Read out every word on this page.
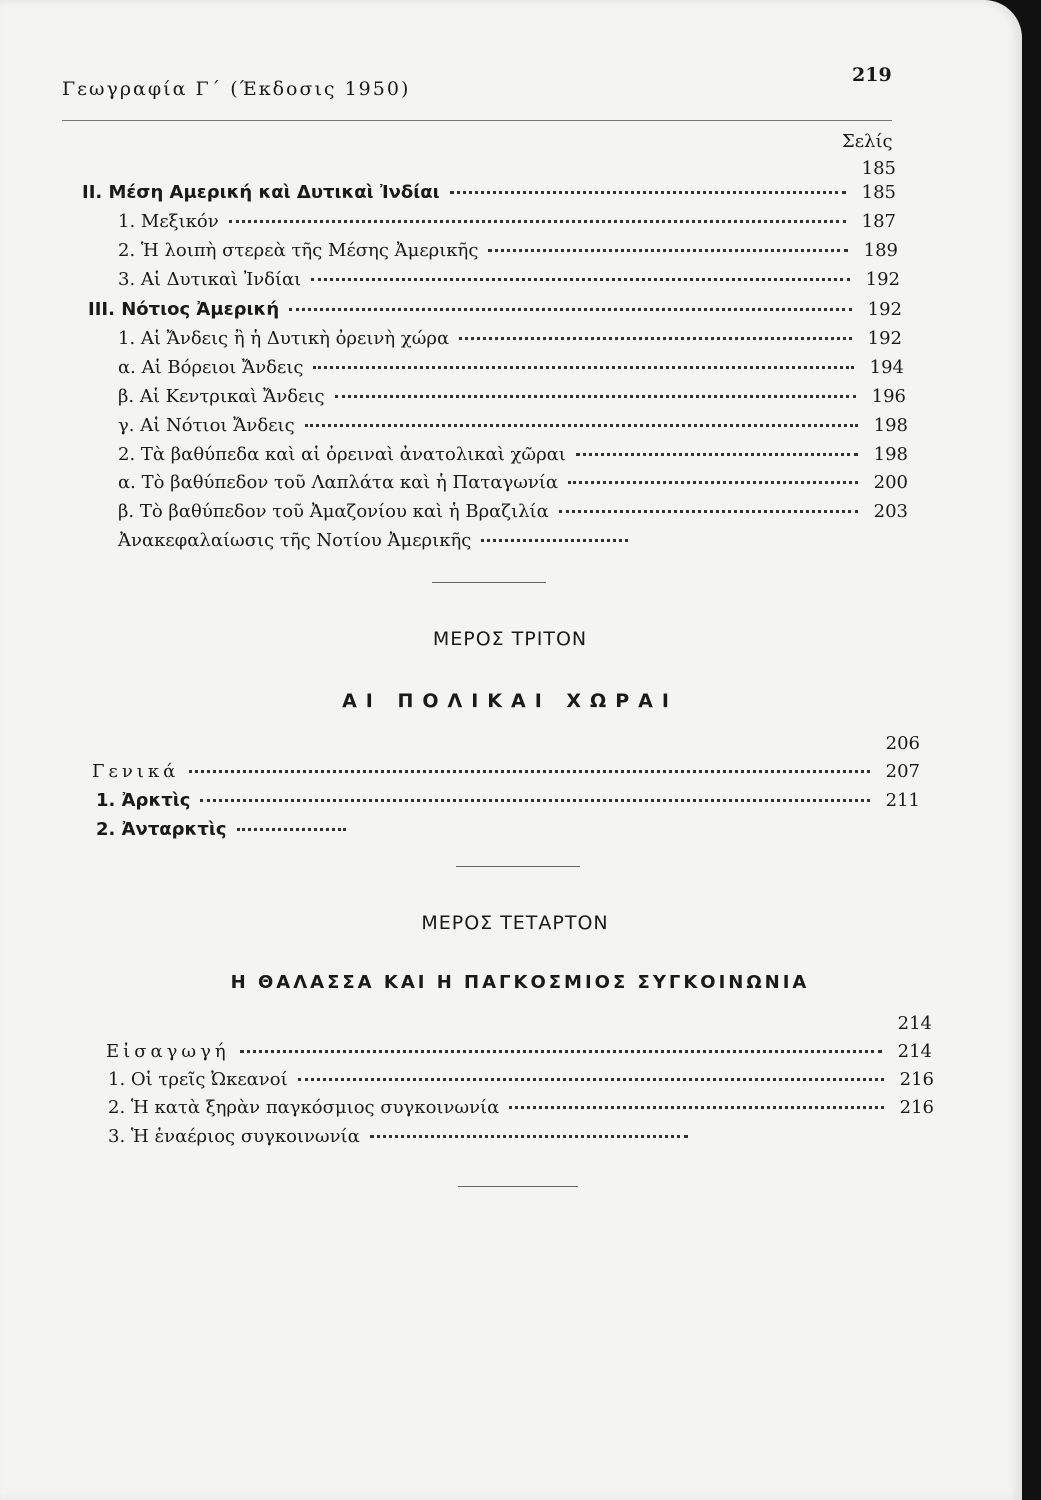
Γεωγραφία Γ΄ (Έκδοσις 1950)
219
Σελίς
185
ΙΙ. Μέση Αμερική καὶ Δυτικαὶ Ἰνδίαι	185
1. Μεξικόν	187
2. Ἡ λοιπὴ στερεὰ τῆς Μέσης Ἀμερικῆς	189
3. Αἱ Δυτικαὶ Ἰνδίαι	192
ΙΙΙ. Νότιος Ἀμερική	192
1. Αἱ Ἄνδεις ἢ ἡ Δυτικὴ ὀρεινὴ χώρα	192
α. Αἱ Βόρειοι Ἄνδεις	194
β. Αἱ Κεντρικαὶ Ἄνδεις	196
γ. Αἱ Νότιοι Ἄνδεις	198
2. Τὰ βαθύπεδα καὶ αἱ ὀρειναὶ ἀνατολικαὶ χῶραι	198
α. Τὸ βαθύπεδον τοῦ Λαπλάτα καὶ ἡ Παταγωνία	200
β. Τὸ βαθύπεδον τοῦ Ἀμαζονίου καὶ ἡ Βραζιλία	203
Ἀνακεφαλαίωσις τῆς Νοτίου Ἀμερικῆς
ΜΕΡΟΣ ΤΡΙΤΟΝ
ΑΙ ΠΟΛΙΚΑΙ ΧΩΡΑΙ
206
Γενικά	207
1. Ἀρκτὶς	211
2. Ἀνταρκτὶς
ΜΕΡΟΣ ΤΕΤΑΡΤΟΝ
Η ΘΑΛΑΣΣΑ ΚΑΙ Η ΠΑΓΚΟΣΜΙΟΣ ΣΥΓΚΟΙΝΩΝΙΑ
214
Εἰσαγωγή	214
1. Οἱ τρεῖς Ὠκεανοί	216
2. Ἡ κατὰ ξηρὰν παγκόσμιος συγκοινωνία	216
3. Ἡ ἐναέριος συγκοινωνία
